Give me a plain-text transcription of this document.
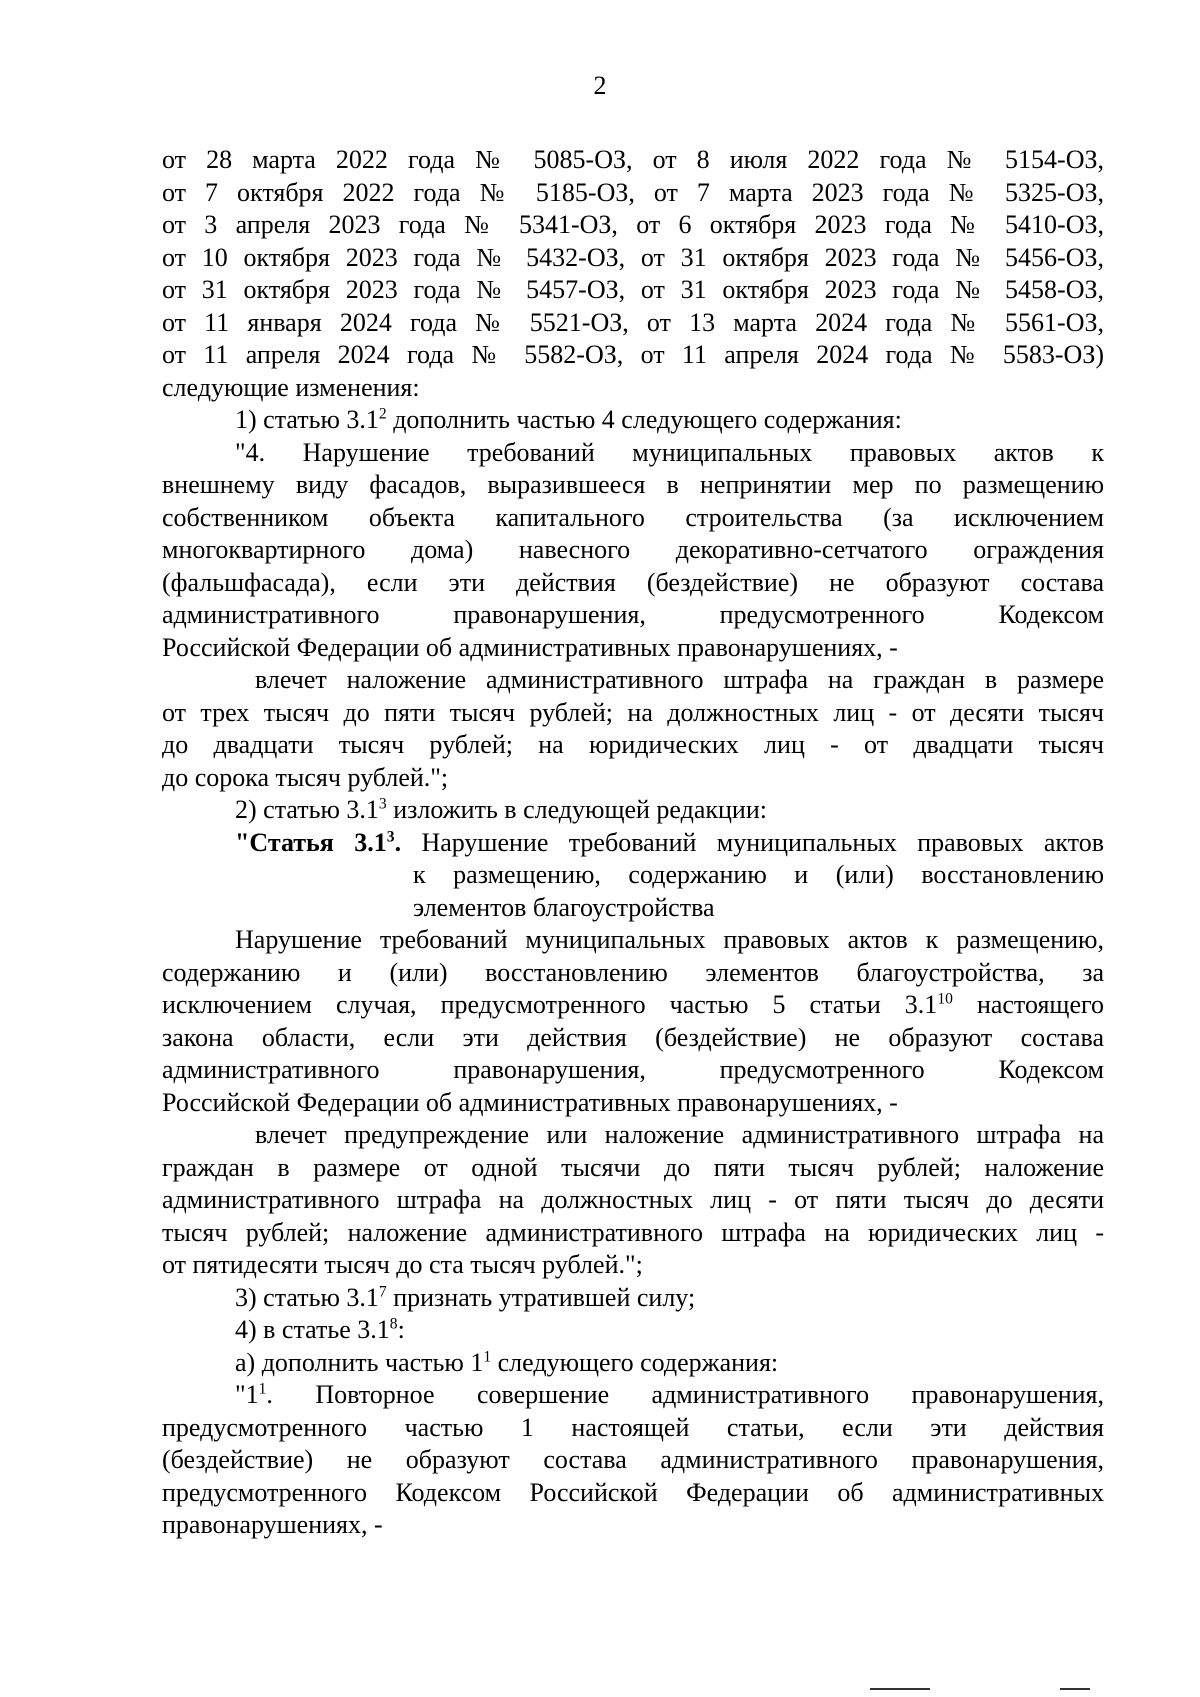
2
от 28 марта 2022 года № 5085-ОЗ, от 8 июля 2022 года № 5154-ОЗ,
от 7 октября 2022 года № 5185-ОЗ, от 7 марта 2023 года № 5325-ОЗ,
от 3 апреля 2023 года № 5341-ОЗ, от 6 октября 2023 года № 5410-ОЗ,
от 10 октября 2023 года № 5432-ОЗ, от 31 октября 2023 года № 5456-ОЗ,
от 31 октября 2023 года № 5457-ОЗ, от 31 октября 2023 года № 5458-ОЗ,
от 11 января 2024 года № 5521-ОЗ, от 13 марта 2024 года № 5561-ОЗ,
от 11 апреля 2024 года № 5582-ОЗ, от 11 апреля 2024 года № 5583-ОЗ)
следующие изменения:
1) статью $3.1^2$ дополнить частью 4 следующего содержания:
"4. Нарушение требований муниципальных правовых актов к
внешнему виду фасадов, выразившееся в непринятии мер по размещению
собственником объекта капитального строительства (за исключением
многоквартирного дома) навесного декоративно-сетчатого ограждения
(фальшфасада), если эти действия (бездействие) не образуют состава
административного правонарушения, предусмотренного Кодексом
Российской Федерации об административных правонарушениях, -
влечет наложение административного штрафа на граждан в размере
от трех тысяч до пяти тысяч рублей; на должностных лиц - от десяти тысяч
до двадцати тысяч рублей; на юридических лиц - от двадцати тысяч
до сорока тысяч рублей.";
2) статью $3.1^3$ изложить в следующей редакции:
"Статья $3.1^3$. Нарушение требований муниципальных правовых актов
к размещению, содержанию и (или) восстановлению
элементов благоустройства
Нарушение требований муниципальных правовых актов к размещению,
содержанию и (или) восстановлению элементов благоустройства, за
исключением случая, предусмотренного частью 5 статьи $3.1^{10}$ настоящего
закона области, если эти действия (бездействие) не образуют состава
административного правонарушения, предусмотренного Кодексом
Российской Федерации об административных правонарушениях, -
влечет предупреждение или наложение административного штрафа на
граждан в размере от одной тысячи до пяти тысяч рублей; наложение
административного штрафа на должностных лиц - от пяти тысяч до десяти
тысяч рублей; наложение административного штрафа на юридических лиц -
от пятидесяти тысяч до ста тысяч рублей.";
3) статью $3.1^7$ признать утратившей силу;
4) в статье $3.1^8$:
а) дополнить частью $1^1$ следующего содержания:
"$1^1$. Повторное совершение административного правонарушения,
предусмотренного частью 1 настоящей статьи, если эти действия
(бездействие) не образуют состава административного правонарушения,
предусмотренного Кодексом Российской Федерации об административных
правонарушениях, -
